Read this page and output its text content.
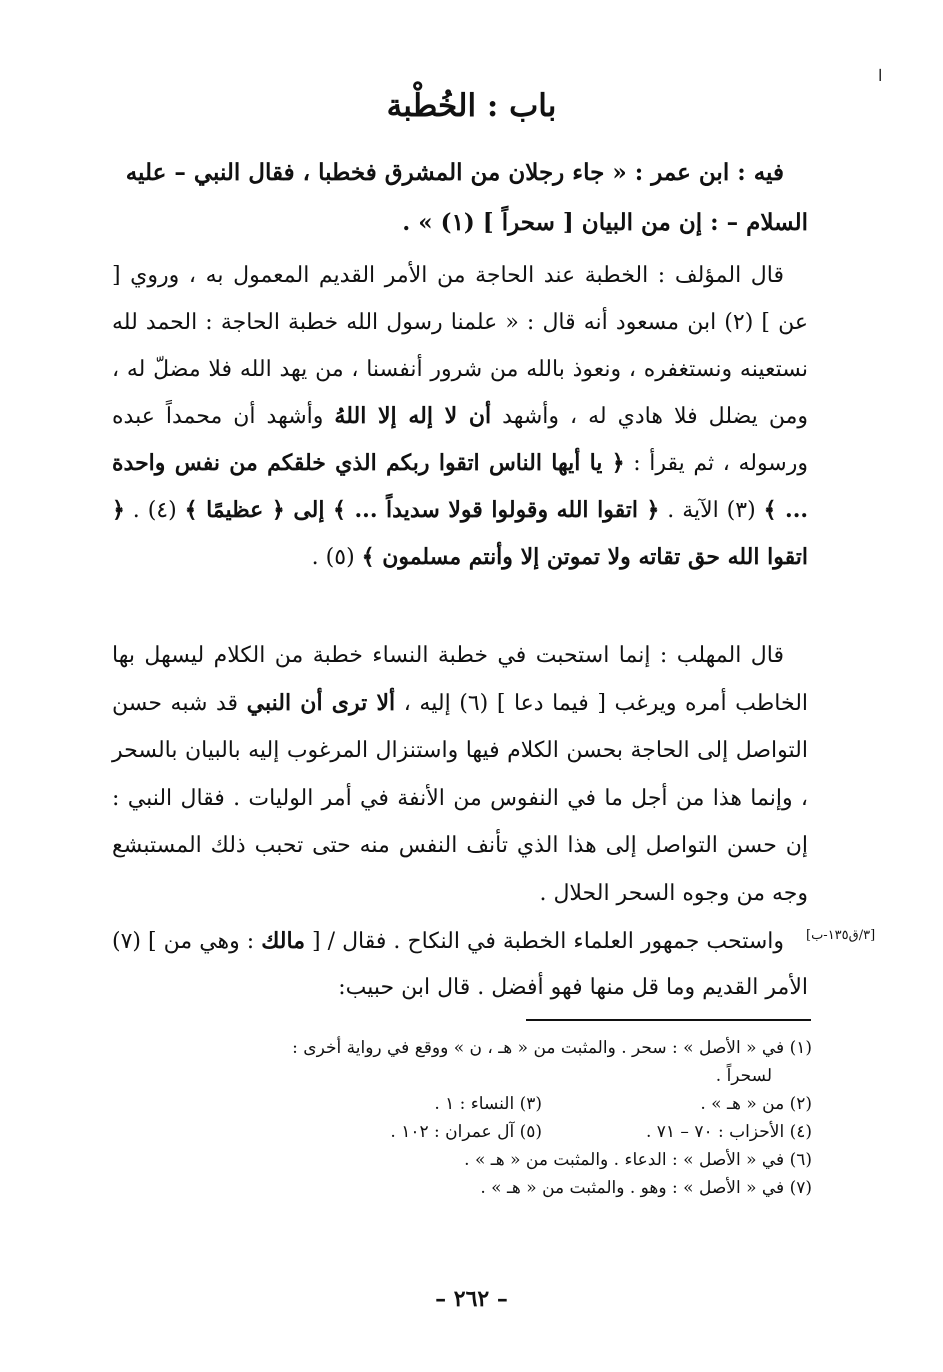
ا
باب : الخُطْبة

فيه : ابن عمر : « جاء رجلان من المشرق فخطبا ، فقال النبي – عليه

السلام – : إن من البيان [ سحراً ] (١) » .

قال المؤلف : الخطبة عند الحاجة من الأمر القديم المعمول به ، وروي [ عن ] (٢) ابن مسعود أنه قال : « علمنا رسول الله خطبة الحاجة : الحمد لله نستعينه ونستغفره ، ونعوذ بالله من شرور أنفسنا ، من يهد الله فلا مضلّ له ، ومن يضلل فلا هادي له ، وأشهد أن لا إله إلا اللهُ وأشهد أن محمداً عبده ورسوله ، ثم يقرأ : ﴿ يا أيها الناس اتقوا ربكم الذي خلقكم من نفس واحدة ... ﴾ (٣) الآية . ﴿ اتقوا الله وقولوا قولا سديداً ... ﴾ إلى ﴿ عظيمًا ﴾ (٤) . ﴿ اتقوا الله حق تقاته ولا تموتن إلا وأنتم مسلمون ﴾ (٥) .

قال المهلب : إنما استحبت في خطبة النساء خطبة من الكلام ليسهل بها الخاطب أمره ويرغب [ فيما دعا ] (٦) إليه ، ألا ترى أن النبي قد شبه حسن التواصل إلى الحاجة بحسن الكلام فيها واستنزال المرغوب إليه بالبيان بالسحر ، وإنما هذا من أجل ما في النفوس من الأنفة في أمر الوليات . فقال النبي : إن حسن التواصل إلى هذا الذي تأنف النفس منه حتى تحبب ذلك المستبشع وجه من وجوه السحر الحلال .

[٣/ق١٣٥-ب]

واستحب جمهور العلماء الخطبة في النكاح . فقال / [ مالك : وهي من ] (٧) الأمر القديم وما قل منها فهو أفضل . قال ابن حبيب:

(١) في « الأصل » : سحر . والمثبت من « هـ ، ن » ووقع في رواية أخرى :
لسحراً .
(٢) من « هـ » .
(٣) النساء : ١ .
(٤) الأحزاب : ٧٠ – ٧١ .
(٥) آل عمران : ١٠٢ .
(٦) في « الأصل » : الدعاء . والمثبت من « هـ » .
(٧) في « الأصل » : وهو . والمثبت من « هـ » .
– ٢٦٢ –
